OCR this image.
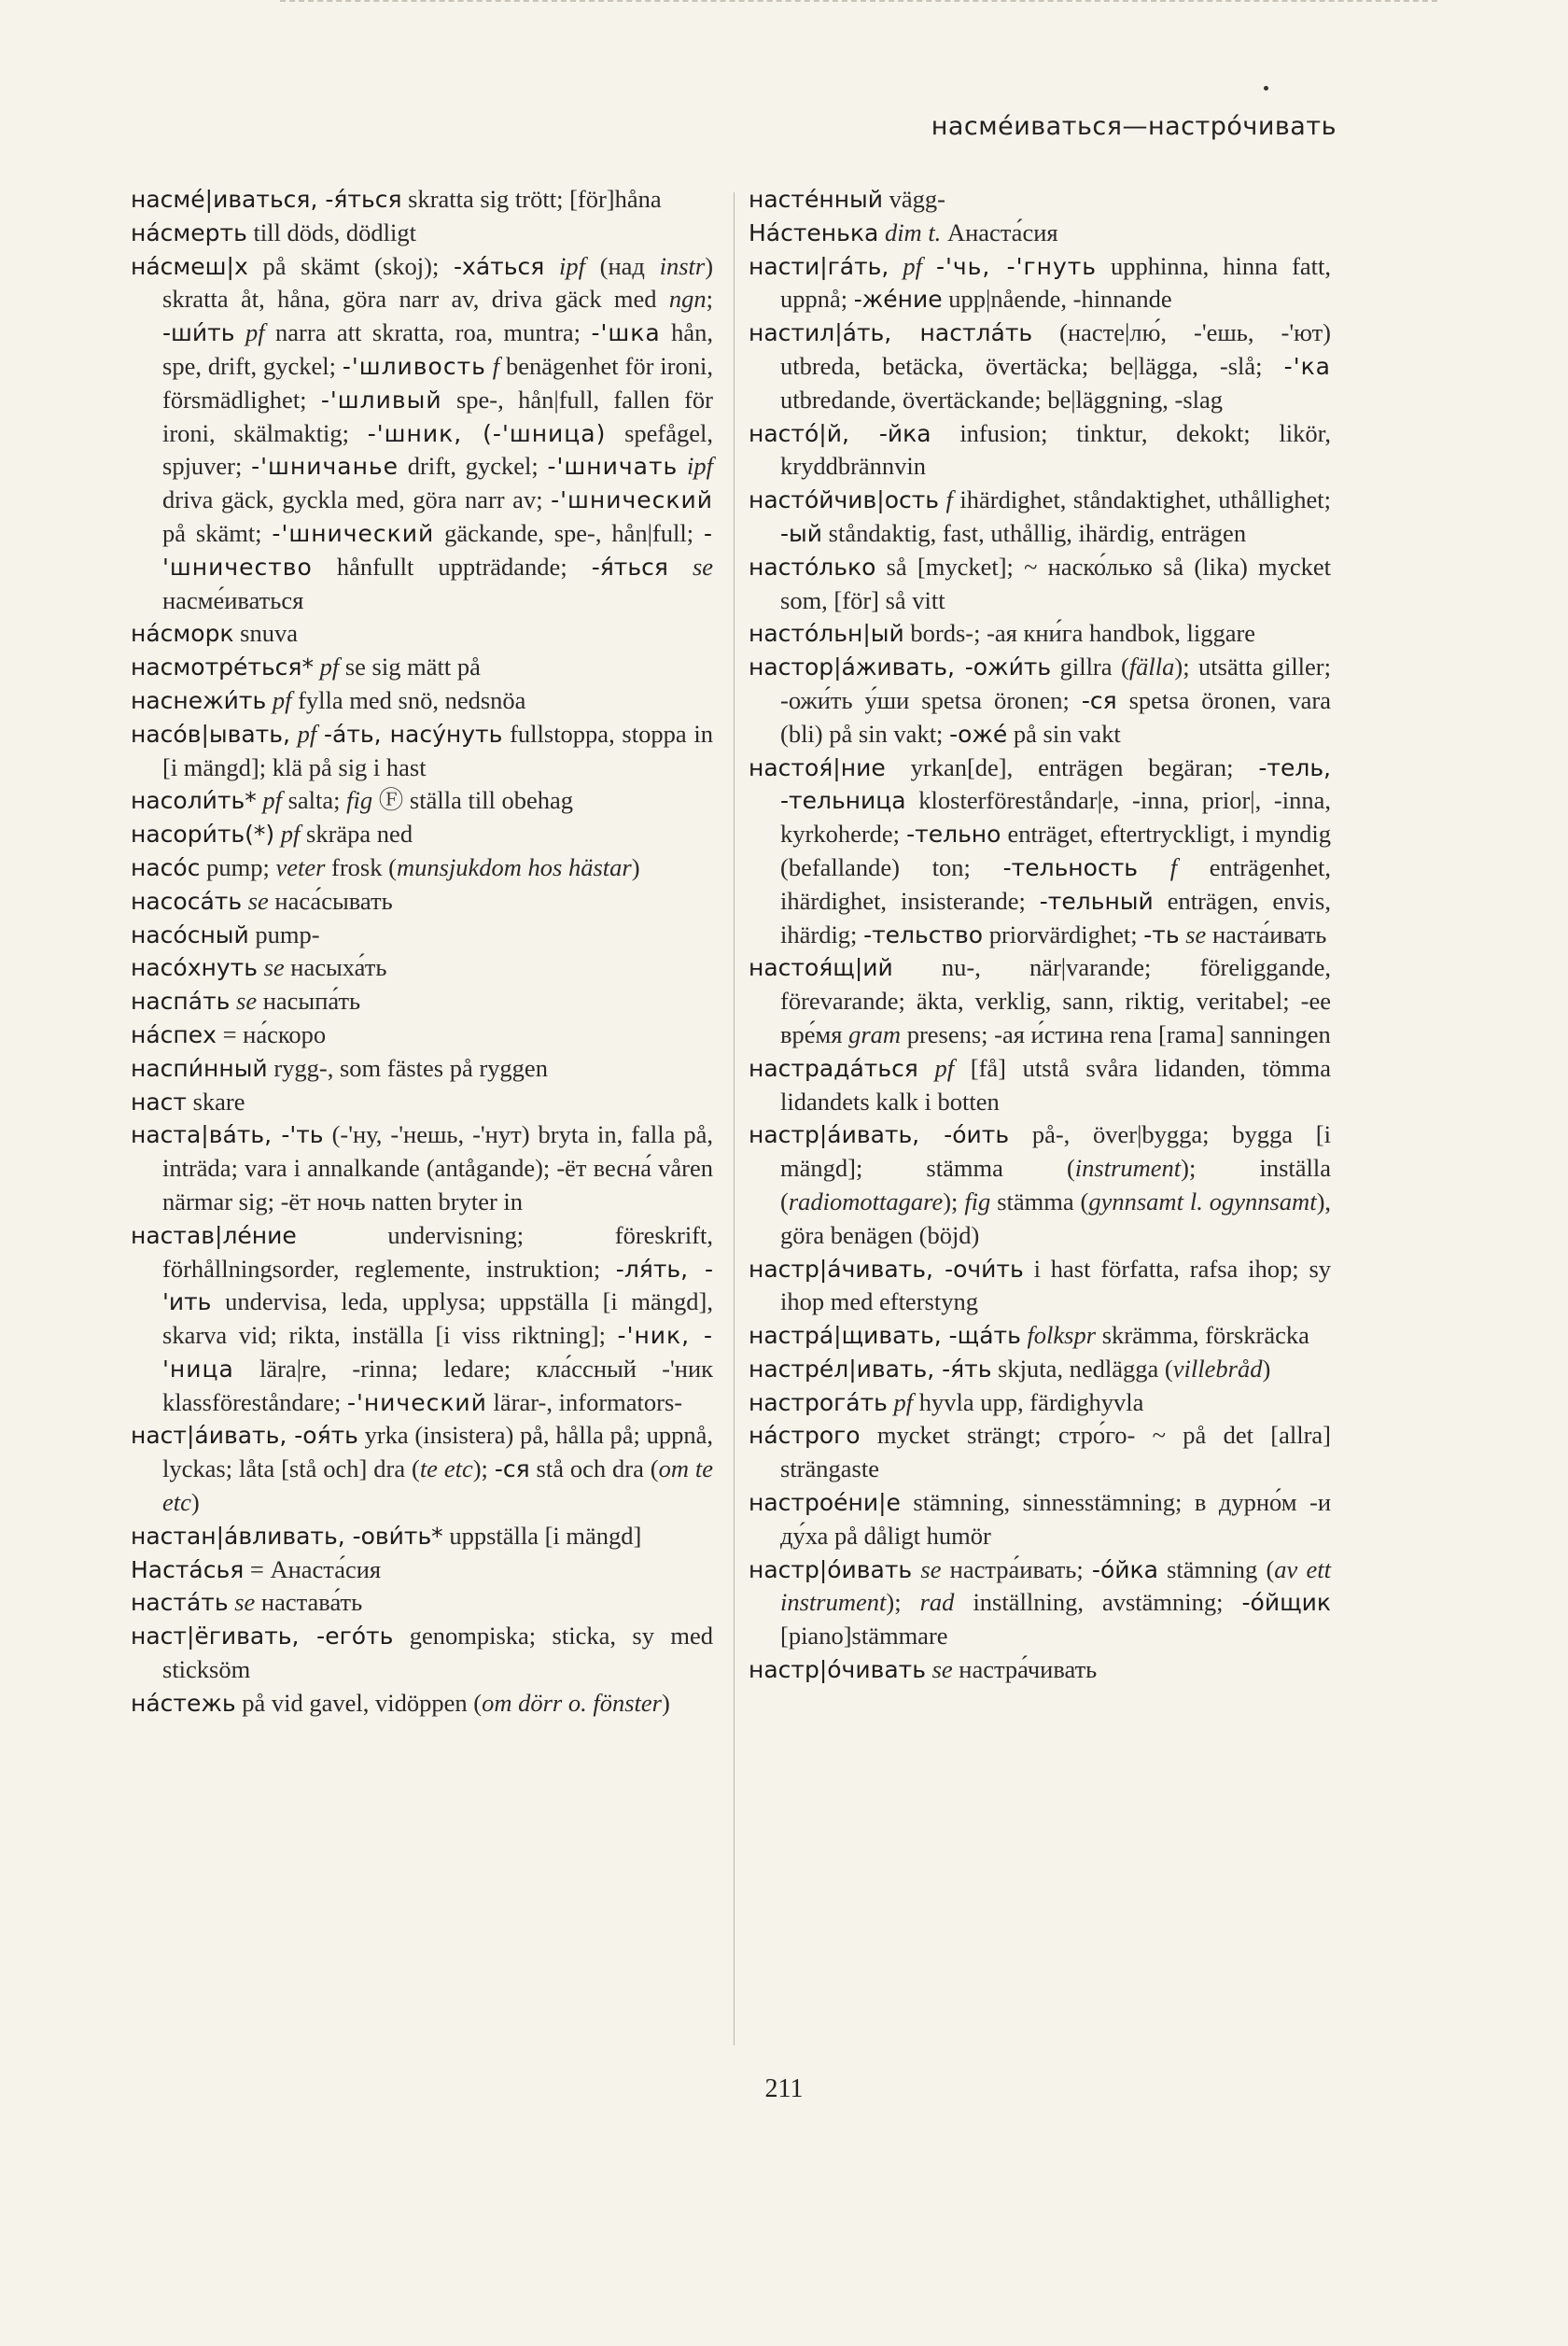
насме́иваться—настро́чивать

насме́|иваться, -я́ться skratta sig trött; [för]håna

на́смерть till döds, dödligt

на́смеш|х på skämt (skoj); -ха́ться ipf (над instr) skratta åt, håna, göra narr av, driva gäck med ngn; -ши́ть pf narra att skratta, roa, muntra; -'шка hån, spe, drift, gyckel; -'шливость f benägenhet för ironi, försmädlighet; -'шливый spe-, hån|full, fallen för ironi, skälmaktig; -'шник, (-'шница) spefågel, spjuver; -'шничанье drift, gyckel; -'шничать ipf driva gäck, gyckla med, göra narr av; -'шнический på skämt; -'шнический gäckande, spe-, hån|full; -'шничество hånfullt uppträdande; -я́ться se насме́иваться

на́сморк snuva

насмотре́ться* pf se sig mätt på

наснежи́ть pf fylla med snö, nedsnöa

насо́в|ывать, pf -а́ть, насу́нуть fullstoppa, stoppa in [i mängd]; klä på sig i hast

насоли́ть* pf salta; fig Ⓕ ställa till obehag

насори́ть(*) pf skräpa ned

насо́с pump; veter frosk (munsjukdom hos hästar)

насоса́ть se наса́сывать

насо́сный pump-

насо́хнуть se насыха́ть

наспа́ть se насыпа́ть

на́спех = на́скоро

наспи́нный rygg-, som fästes på ryggen

наст skare

наста|ва́ть, -'ть (-'ну, -'нешь, -'нут) bryta in, falla på, inträda; vara i annalkande (antågande); -ёт весна́ våren närmar sig; -ёт ночь natten bryter in

настав|ле́ние undervisning; föreskrift, förhållningsorder, reglemente, instruktion; -ля́ть, -'ить undervisa, leda, upplysa; uppställa [i mängd], skarva vid; rikta, inställa [i viss riktning]; -'ник, -'ница lära|re, -rinna; ledare; кла́ссный -'ник klassföreståndare; -'нический lärar-, informators-

наст|а́ивать, -оя́ть yrka (insistera) på, hålla på; uppnå, lyckas; låta [stå och] dra (te etc); -ся stå och dra (om te etc)

настан|а́вливать, -ови́ть* uppställa [i mängd]

Наста́сья = Анаста́сия

наста́ть se настава́ть

наст|ёгивать, -его́ть genompiska; sticka, sy med sticksöm

на́стежь på vid gavel, vidöppen (om dörr o. fönster)

насте́нный vägg-

На́стенька dim t. Анаста́сия

насти|га́ть, pf -'чь, -'гнуть upphinna, hinna fatt, uppnå; -же́ние upp|nående, -hinnande

настил|а́ть, настла́ть (насте|лю́, -'ешь, -'ют) utbreda, betäcka, övertäcka; be|lägga, -slå; -'ка utbredande, övertäckande; be|läggning, -slag

насто́|й, -йка infusion; tinktur, dekokt; likör, kryddbrännvin

насто́йчив|ость f ihärdighet, ståndaktighet, uthållighet; -ый ståndaktig, fast, uthållig, ihärdig, enträgen

насто́лько så [mycket]; ~ наско́лько så (lika) mycket som, [för] så vitt

насто́льн|ый bords-; -ая кни́га handbok, liggare

настор|а́живать, -ожи́ть gillra (fälla); utsätta giller; -ожи́ть у́ши spetsa öronen; -ся spetsa öronen, vara (bli) på sin vakt; -оже́ på sin vakt

настоя́|ние yrkan[de], enträgen begäran; -тель, -тельница klosterföreståndar|e, -inna, prior|, -inna, kyrkoherde; -тельно enträget, eftertryckligt, i myndig (befallande) ton; -тельность f enträgenhet, ihärdighet, insisterande; -тельный enträgen, envis, ihärdig; -тельство priorvärdighet; -ть se наста́ивать

настоя́щ|ий nu-, när|varande; föreliggande, förevarande; äkta, verklig, sann, riktig, veritabel; -ее вре́мя gram presens; -ая и́стина rena [rama] sanningen

настрада́ться pf [få] utstå svåra lidanden, tömma lidandets kalk i botten

настр|а́ивать, -о́ить på-, över|bygga; bygga [i mängd]; stämma (instrument); inställa (radiomottagare); fig stämma (gynnsamt l. ogynnsamt), göra benägen (böjd)

настр|а́чивать, -очи́ть i hast författa, rafsa ihop; sy ihop med efterstyng

настра́|щивать, -ща́ть folkspr skrämma, förskräcka

настре́л|ивать, -я́ть skjuta, nedlägga (villebråd)

настрога́ть pf hyvla upp, färdighyvla

на́строго mycket strängt; стро́го- ~ på det [allra] strängaste

настрое́ни|е stämning, sinnesstämning; в дурно́м -и ду́ха på dåligt humör

настр|о́ивать se настра́ивать; -о́йка stämning (av ett instrument); rad inställning, avstämning; -о́йщик [piano]stämmare

настр|о́чивать se настра́чивать

211
